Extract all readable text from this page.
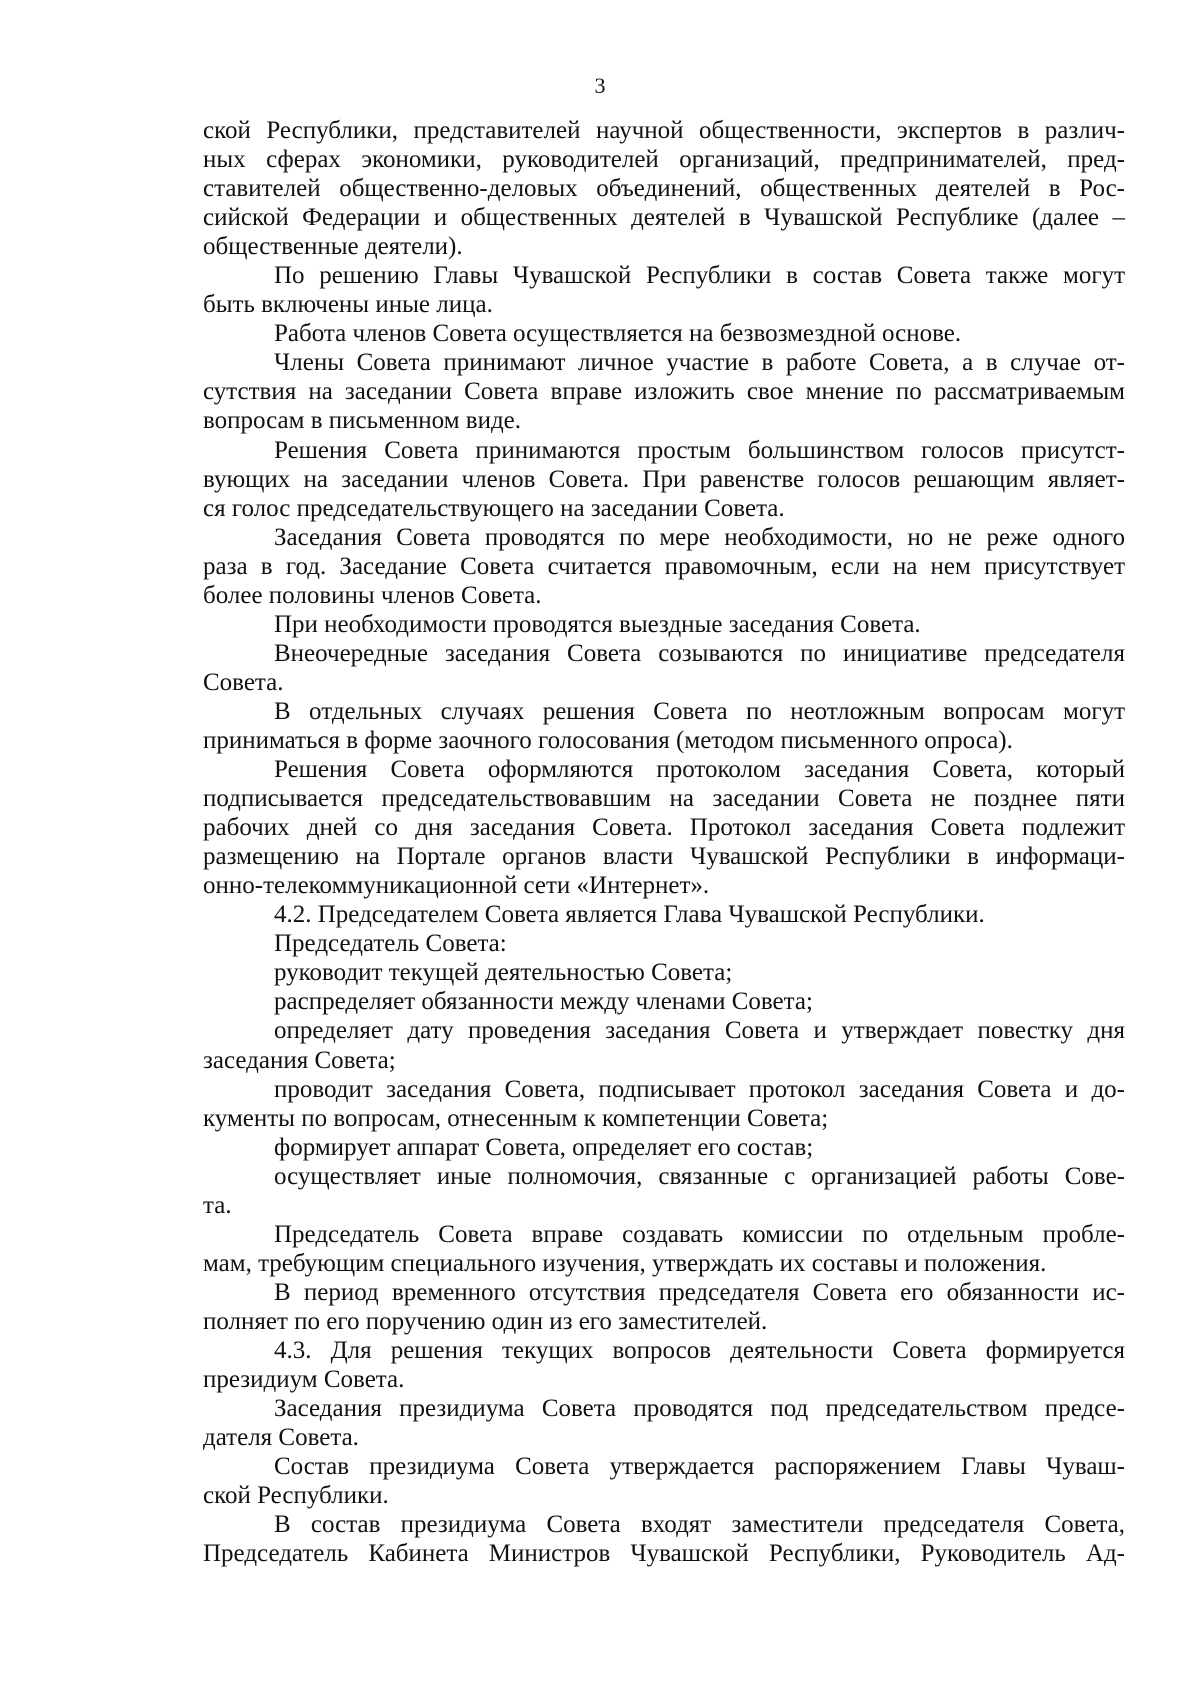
3
ской Республики, представителей научной общественности, экспертов в различ-
ных сферах экономики, руководителей организаций, предпринимателей, пред-
ставителей общественно-деловых объединений, общественных деятелей в Рос-
сийской Федерации и общественных деятелей в Чувашской Республике (далее –
общественные деятели).
По решению Главы Чувашской Республики в состав Совета также могут
быть включены иные лица.
Работа членов Совета осуществляется на безвозмездной основе.
Члены Совета принимают личное участие в работе Совета, а в случае от-
сутствия на заседании Совета вправе изложить свое мнение по рассматриваемым
вопросам в письменном виде.
Решения Совета принимаются простым большинством голосов присутст-
вующих на заседании членов Совета. При равенстве голосов решающим являет-
ся голос председательствующего на заседании Совета.
Заседания Совета проводятся по мере необходимости, но не реже одного
раза в год. Заседание Совета считается правомочным, если на нем присутствует
более половины членов Совета.
При необходимости проводятся выездные заседания Совета.
Внеочередные заседания Совета созываются по инициативе председателя
Совета.
В отдельных случаях решения Совета по неотложным вопросам могут
приниматься в форме заочного голосования (методом письменного опроса).
Решения Совета оформляются протоколом заседания Совета, который
подписывается председательствовавшим на заседании Совета не позднее пяти
рабочих дней со дня заседания Совета. Протокол заседания Совета подлежит
размещению на Портале органов власти Чувашской Республики в информаци-
онно-телекоммуникационной сети «Интернет».
4.2. Председателем Совета является Глава Чувашской Республики.
Председатель Совета:
руководит текущей деятельностью Совета;
распределяет обязанности между членами Совета;
определяет дату проведения заседания Совета и утверждает повестку дня
заседания Совета;
проводит заседания Совета, подписывает протокол заседания Совета и до-
кументы по вопросам, отнесенным к компетенции Совета;
формирует аппарат Совета, определяет его состав;
осуществляет иные полномочия, связанные с организацией работы Сове-
та.
Председатель Совета вправе создавать комиссии по отдельным пробле-
мам, требующим специального изучения, утверждать их составы и положения.
В период временного отсутствия председателя Совета его обязанности ис-
полняет по его поручению один из его заместителей.
4.3. Для решения текущих вопросов деятельности Совета формируется
президиум Совета.
Заседания президиума Совета проводятся под председательством предсе-
дателя Совета.
Состав президиума Совета утверждается распоряжением Главы Чуваш-
ской Республики.
В состав президиума Совета входят заместители председателя Совета,
Председатель Кабинета Министров Чувашской Республики, Руководитель Ад-
